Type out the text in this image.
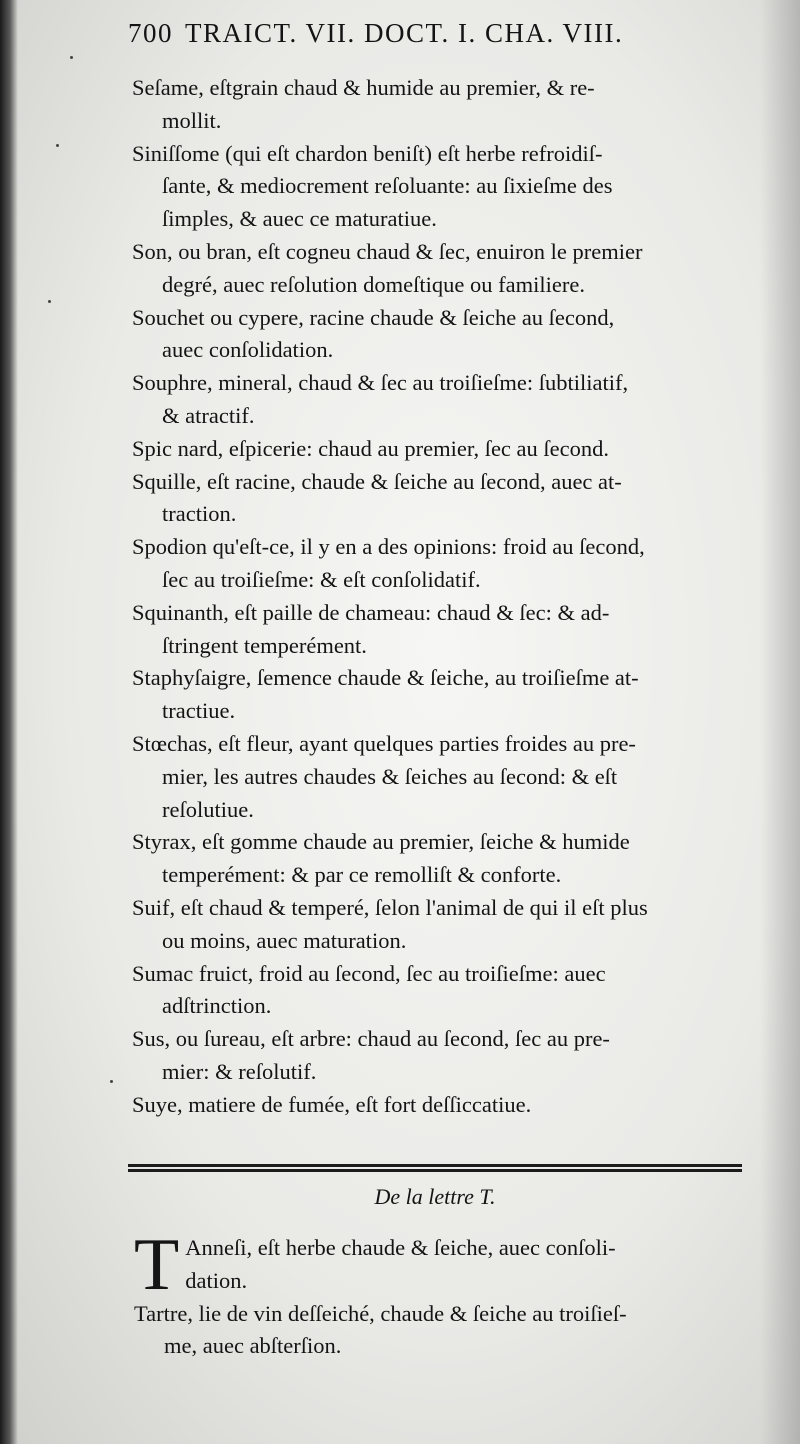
700 TRAICT. VII. DOCT. I. CHA. VIII.
Seſame, eſtgrain chaud & humide au premier, & re-
mollit.
Siniſſome (qui eſt chardon beniſt) eſt herbe refroidiſ-
ſante, & mediocrement reſoluante: au ſixieſme des
ſimples, & auec ce maturatiue.
Son, ou bran, eſt cogneu chaud & ſec, enuiron le premier
degré, auec reſolution domeſtique ou familiere.
Souchet ou cypere, racine chaude & ſeiche au ſecond,
auec conſolidation.
Souphre, mineral, chaud & ſec au troiſieſme: ſubtiliatif,
& atractif.
Spic nard, eſpicerie: chaud au premier, ſec au ſecond.
Squille, eſt racine, chaude & ſeiche au ſecond, auec at-
traction.
Spodion qu'eſt-ce, il y en a des opinions: froid au ſecond,
ſec au troiſieſme: & eſt conſolidatif.
Squinanth, eſt paille de chameau: chaud & ſec: & ad-
ſtringent temperément.
Staphyſaigre, ſemence chaude & ſeiche, au troiſieſme at-
tractiue.
Stœchas, eſt fleur, ayant quelques parties froides au pre-
mier, les autres chaudes & ſeiches au ſecond: & eſt
reſolutiue.
Styrax, eſt gomme chaude au premier, ſeiche & humide
temperément: & par ce remolliſt & conforte.
Suif, eſt chaud & temperé, ſelon l'animal de qui il eſt plus
ou moins, auec maturation.
Sumac fruict, froid au ſecond, ſec au troiſieſme: auec
adſtrinction.
Sus, ou ſureau, eſt arbre: chaud au ſecond, ſec au pre-
mier: & reſolutif.
Suye, matiere de fumée, eſt fort deſſiccatiue.
De la lettre T.
T Anneſi, eſt herbe chaude & ſeiche, auec conſoli-
dation.
Tartre, lie de vin deſſeiché, chaude & ſeiche au troiſieſ-
me, auec abſterſion.
